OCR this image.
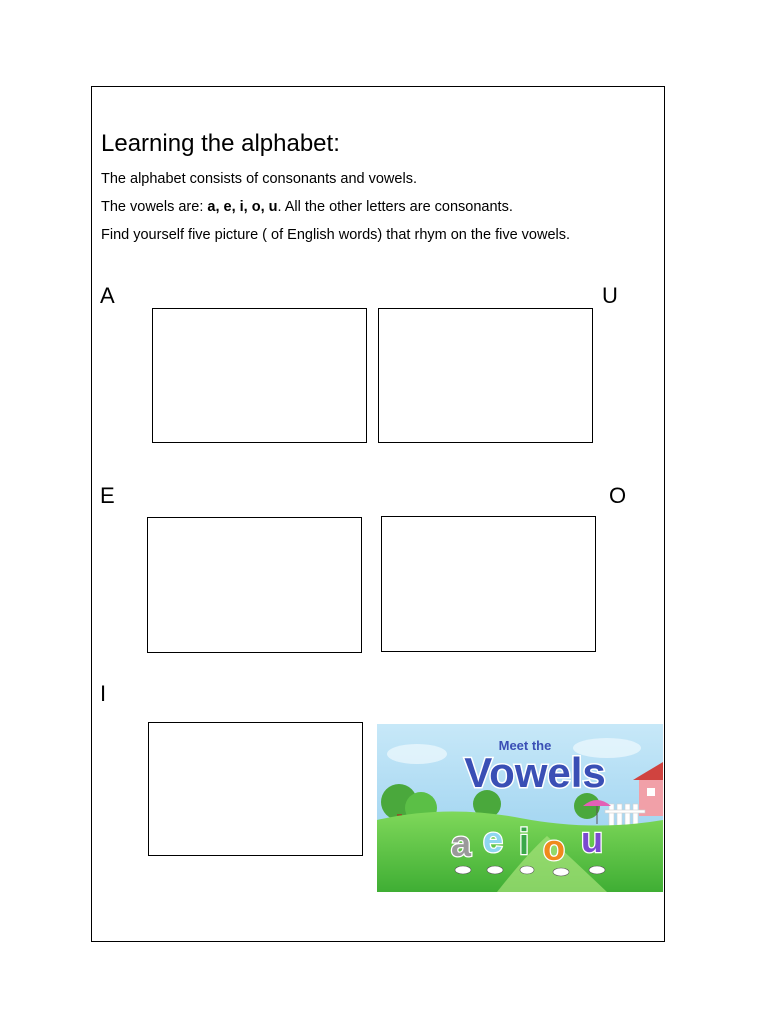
Learning the alphabet:
The alphabet consists of consonants and vowels.
The vowels are: a, e, i, o, u. All the other letters are consonants.
Find yourself five picture ( of English words) that rhym on the five vowels.
A	U
E	O
I
Meet the
Vowels
a e i o u
